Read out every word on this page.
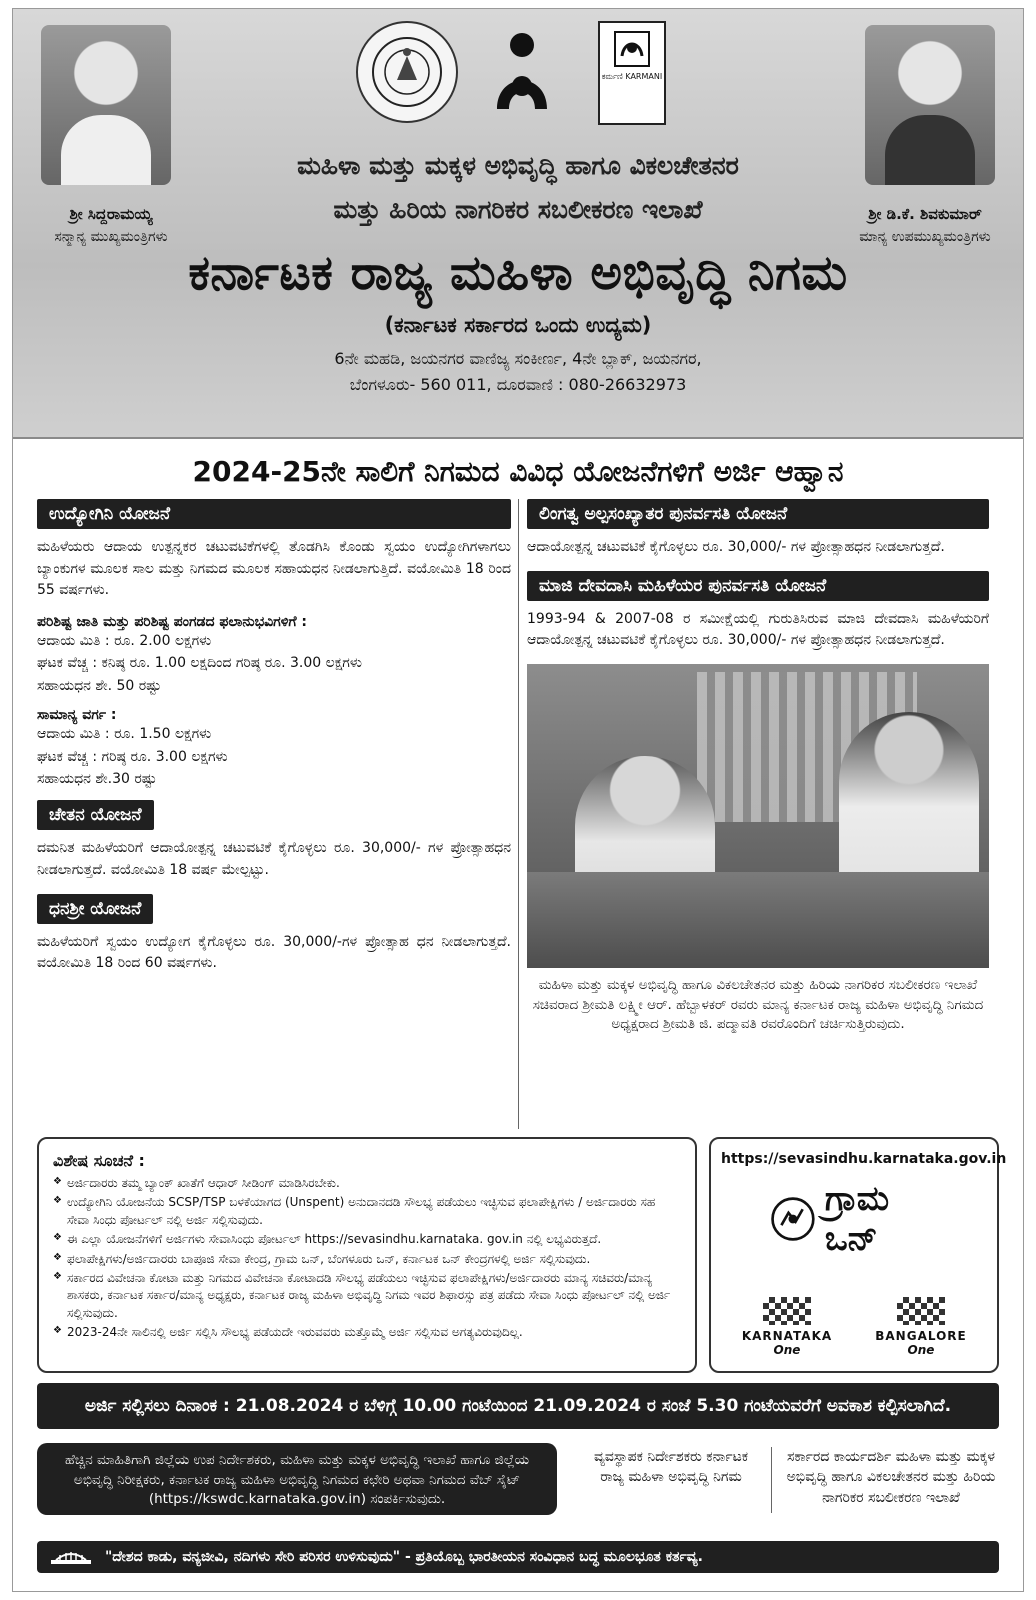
ಶ್ರೀ ಸಿದ್ದರಾಮಯ್ಯ
ಸನ್ಮಾನ್ಯ ಮುಖ್ಯಮಂತ್ರಿಗಳು
ಕರ್ಮಣಿ KARMANI
ಶ್ರೀ ಡಿ.ಕೆ. ಶಿವಕುಮಾರ್
ಮಾನ್ಯ ಉಪಮುಖ್ಯಮಂತ್ರಿಗಳು
ಮಹಿಳಾ ಮತ್ತು ಮಕ್ಕಳ ಅಭಿವೃದ್ಧಿ ಹಾಗೂ ವಿಕಲಚೇತನರ
ಮತ್ತು ಹಿರಿಯ ನಾಗರಿಕರ ಸಬಲೀಕರಣ ಇಲಾಖೆ
ಕರ್ನಾಟಕ ರಾಜ್ಯ ಮಹಿಳಾ ಅಭಿವೃದ್ಧಿ ನಿಗಮ
(ಕರ್ನಾಟಕ ಸರ್ಕಾರದ ಒಂದು ಉದ್ಯಮ)
6ನೇ ಮಹಡಿ, ಜಯನಗರ ವಾಣಿಜ್ಯ ಸಂಕೀರ್ಣ, 4ನೇ ಬ್ಲಾಕ್, ಜಯನಗರ,
ಬೆಂಗಳೂರು- 560 011, ದೂರವಾಣಿ : 080-26632973
2024-25ನೇ ಸಾಲಿಗೆ ನಿಗಮದ ವಿವಿಧ ಯೋಜನೆಗಳಿಗೆ ಅರ್ಜಿ ಆಹ್ವಾನ
ಉದ್ಯೋಗಿನಿ ಯೋಜನೆ
ಮಹಿಳೆಯರು ಆದಾಯ ಉತ್ಪನ್ನಕರ ಚಟುವಟಿಕೆಗಳಲ್ಲಿ ತೊಡಗಿಸಿ ಕೊಂಡು ಸ್ವಯಂ ಉದ್ಯೋಗಿಗಳಾಗಲು ಬ್ಯಾಂಕುಗಳ ಮೂಲಕ ಸಾಲ ಮತ್ತು ನಿಗಮದ ಮೂಲಕ ಸಹಾಯಧನ ನೀಡಲಾಗುತ್ತಿದೆ. ವಯೋಮಿತಿ 18 ರಿಂದ 55 ವರ್ಷಗಳು.
ಪರಿಶಿಷ್ಟ ಜಾತಿ ಮತ್ತು ಪರಿಶಿಷ್ಟ ಪಂಗಡದ ಫಲಾನುಭವಿಗಳಿಗೆ :
ಆದಾಯ ಮಿತಿ : ರೂ. 2.00 ಲಕ್ಷಗಳು
ಘಟಕ ವೆಚ್ಚ : ಕನಿಷ್ಠ ರೂ. 1.00 ಲಕ್ಷದಿಂದ ಗರಿಷ್ಠ ರೂ. 3.00 ಲಕ್ಷಗಳು
ಸಹಾಯಧನ ಶೇ. 50 ರಷ್ಟು
ಸಾಮಾನ್ಯ ವರ್ಗ :
ಆದಾಯ ಮಿತಿ : ರೂ. 1.50 ಲಕ್ಷಗಳು
ಘಟಕ ವೆಚ್ಚ : ಗರಿಷ್ಠ ರೂ. 3.00 ಲಕ್ಷಗಳು
ಸಹಾಯಧನ ಶೇ.30 ರಷ್ಟು
ಚೇತನ ಯೋಜನೆ
ದಮನಿತ ಮಹಿಳೆಯರಿಗೆ ಆದಾಯೋತ್ಪನ್ನ ಚಟುವಟಿಕೆ ಕೈಗೊಳ್ಳಲು ರೂ. 30,000/- ಗಳ ಪ್ರೋತ್ಸಾಹಧನ ನೀಡಲಾಗುತ್ತದೆ. ವಯೋಮಿತಿ 18 ವರ್ಷ ಮೇಲ್ಪಟ್ಟು.
ಧನಶ್ರೀ ಯೋಜನೆ
ಮಹಿಳೆಯರಿಗೆ ಸ್ವಯಂ ಉದ್ಯೋಗ ಕೈಗೊಳ್ಳಲು ರೂ. 30,000/-ಗಳ ಪ್ರೋತ್ಸಾಹ ಧನ ನೀಡಲಾಗುತ್ತದೆ. ವಯೋಮಿತಿ 18 ರಿಂದ 60 ವರ್ಷಗಳು.
ಲಿಂಗತ್ವ ಅಲ್ಪಸಂಖ್ಯಾತರ ಪುನರ್ವಸತಿ ಯೋಜನೆ
ಆದಾಯೋತ್ಪನ್ನ ಚಟುವಟಿಕೆ ಕೈಗೊಳ್ಳಲು ರೂ. 30,000/- ಗಳ ಪ್ರೋತ್ಸಾಹಧನ ನೀಡಲಾಗುತ್ತದೆ.
ಮಾಜಿ ದೇವದಾಸಿ ಮಹಿಳೆಯರ ಪುನರ್ವಸತಿ ಯೋಜನೆ
1993-94 & 2007-08 ರ ಸಮೀಕ್ಷೆಯಲ್ಲಿ ಗುರುತಿಸಿರುವ ಮಾಜಿ ದೇವದಾಸಿ ಮಹಿಳೆಯರಿಗೆ ಆದಾಯೋತ್ಪನ್ನ ಚಟುವಟಿಕೆ ಕೈಗೊಳ್ಳಲು ರೂ. 30,000/- ಗಳ ಪ್ರೋತ್ಸಾಹಧನ ನೀಡಲಾಗುತ್ತದೆ.
ಮಹಿಳಾ ಮತ್ತು ಮಕ್ಕಳ ಅಭಿವೃದ್ಧಿ ಹಾಗೂ ವಿಕಲಚೇತನರ ಮತ್ತು ಹಿರಿಯ ನಾಗರಿಕರ ಸಬಲೀಕರಣ ಇಲಾಖೆ ಸಚಿವರಾದ ಶ್ರೀಮತಿ ಲಕ್ಷ್ಮೀ ಆರ್. ಹೆಬ್ಬಾಳಕರ್ ರವರು ಮಾನ್ಯ ಕರ್ನಾಟಕ ರಾಜ್ಯ ಮಹಿಳಾ ಅಭಿವೃದ್ಧಿ ನಿಗಮದ ಅಧ್ಯಕ್ಷರಾದ ಶ್ರೀಮತಿ ಜಿ. ಪದ್ಮಾವತಿ ರವರೊಂದಿಗೆ ಚರ್ಚಿಸುತ್ತಿರುವುದು.
ವಿಶೇಷ ಸೂಚನೆ :
❖ ಅರ್ಜಿದಾರರು ತಮ್ಮ ಬ್ಯಾಂಕ್ ಖಾತೆಗೆ ಆಧಾರ್ ಸೀಡಿಂಗ್ ಮಾಡಿಸಿರಬೇಕು.
❖ ಉದ್ಯೋಗಿನಿ ಯೋಜನೆಯ SCSP/TSP ಬಳಕೆಯಾಗದ (Unspent) ಅನುದಾನದಡಿ ಸೌಲಭ್ಯ ಪಡೆಯಲು ಇಚ್ಛಿಸುವ ಫಲಾಪೇಕ್ಷಿಗಳು / ಅರ್ಜಿದಾರರು ಸಹ ಸೇವಾ ಸಿಂಧು ಪೋರ್ಟಲ್ ನಲ್ಲಿ ಅರ್ಜಿ ಸಲ್ಲಿಸುವುದು.
❖ ಈ ಎಲ್ಲಾ ಯೋಜನೆಗಳಿಗೆ ಅರ್ಜಿಗಳು ಸೇವಾಸಿಂಧು ಪೋರ್ಟಲ್ https://sevasindhu.karnataka. gov.in ನಲ್ಲಿ ಲಭ್ಯವಿರುತ್ತದೆ.
❖ ಫಲಾಪೇಕ್ಷಿಗಳು/ಅರ್ಜಿದಾರರು ಬಾಪೂಜಿ ಸೇವಾ ಕೇಂದ್ರ, ಗ್ರಾಮ ಒನ್, ಬೆಂಗಳೂರು ಒನ್, ಕರ್ನಾಟಕ ಒನ್ ಕೇಂದ್ರಗಳಲ್ಲಿ ಅರ್ಜಿ ಸಲ್ಲಿಸುವುದು.
❖ ಸರ್ಕಾರದ ವಿವೇಚನಾ ಕೋಟಾ ಮತ್ತು ನಿಗಮದ ವಿವೇಚನಾ ಕೋಟಾದಡಿ ಸೌಲಭ್ಯ ಪಡೆಯಲು ಇಚ್ಛಿಸುವ ಫಲಾಪೇಕ್ಷಿಗಳು/ಅರ್ಜಿದಾರರು ಮಾನ್ಯ ಸಚಿವರು/ಮಾನ್ಯ ಶಾಸಕರು, ಕರ್ನಾಟಕ ಸರ್ಕಾರ/ಮಾನ್ಯ ಅಧ್ಯಕ್ಷರು, ಕರ್ನಾಟಕ ರಾಜ್ಯ ಮಹಿಳಾ ಅಭಿವೃದ್ಧಿ ನಿಗಮ ಇವರ ಶಿಫಾರಸ್ಸು ಪತ್ರ ಪಡೆದು ಸೇವಾ ಸಿಂಧು ಪೋರ್ಟಲ್ ನಲ್ಲಿ ಅರ್ಜಿ ಸಲ್ಲಿಸುವುದು.
❖ 2023-24ನೇ ಸಾಲಿನಲ್ಲಿ ಅರ್ಜಿ ಸಲ್ಲಿಸಿ ಸೌಲಭ್ಯ ಪಡೆಯದೇ ಇರುವವರು ಮತ್ತೊಮ್ಮೆ ಅರ್ಜಿ ಸಲ್ಲಿಸುವ ಅಗತ್ಯವಿರುವುದಿಲ್ಲ.
https://sevasindhu.karnataka.gov.in
ಗ್ರಾಮ ಒನ್
KARNATAKA
One
BANGALORE
One
ಅರ್ಜಿ ಸಲ್ಲಿಸಲು ದಿನಾಂಕ : 21.08.2024 ರ ಬೆಳಿಗ್ಗೆ 10.00 ಗಂಟೆಯಿಂದ 21.09.2024 ರ ಸಂಜೆ 5.30 ಗಂಟೆಯವರೆಗೆ ಅವಕಾಶ ಕಲ್ಪಿಸಲಾಗಿದೆ.
ಹೆಚ್ಚಿನ ಮಾಹಿತಿಗಾಗಿ ಜಿಲ್ಲೆಯ ಉಪ ನಿರ್ದೇಶಕರು, ಮಹಿಳಾ ಮತ್ತು ಮಕ್ಕಳ ಅಭಿವೃದ್ಧಿ ಇಲಾಖೆ ಹಾಗೂ ಜಿಲ್ಲೆಯ ಅಭಿವೃದ್ಧಿ ನಿರೀಕ್ಷಕರು, ಕರ್ನಾಟಕ ರಾಜ್ಯ ಮಹಿಳಾ ಅಭಿವೃದ್ಧಿ ನಿಗಮದ ಕಛೇರಿ ಅಥವಾ ನಿಗಮದ ವೆಬ್ ಸೈಟ್ (https://kswdc.karnataka.gov.in) ಸಂಪರ್ಕಿಸುವುದು.
ವ್ಯವಸ್ಥಾಪಕ ನಿರ್ದೇಶಕರು ಕರ್ನಾಟಕ ರಾಜ್ಯ ಮಹಿಳಾ ಅಭಿವೃದ್ಧಿ ನಿಗಮ
ಸರ್ಕಾರದ ಕಾರ್ಯದರ್ಶಿ ಮಹಿಳಾ ಮತ್ತು ಮಕ್ಕಳ ಅಭಿವೃದ್ಧಿ ಹಾಗೂ ವಿಕಲಚೇತನರ ಮತ್ತು ಹಿರಿಯ ನಾಗರಿಕರ ಸಬಲೀಕರಣ ಇಲಾಖೆ
"ದೇಶದ ಕಾಡು, ವನ್ಯಜೀವಿ, ನದಿಗಳು ಸೇರಿ ಪರಿಸರ ಉಳಿಸುವುದು" - ಪ್ರತಿಯೊಬ್ಬ ಭಾರತೀಯನ ಸಂವಿಧಾನ ಬದ್ಧ ಮೂಲಭೂತ ಕರ್ತವ್ಯ.
